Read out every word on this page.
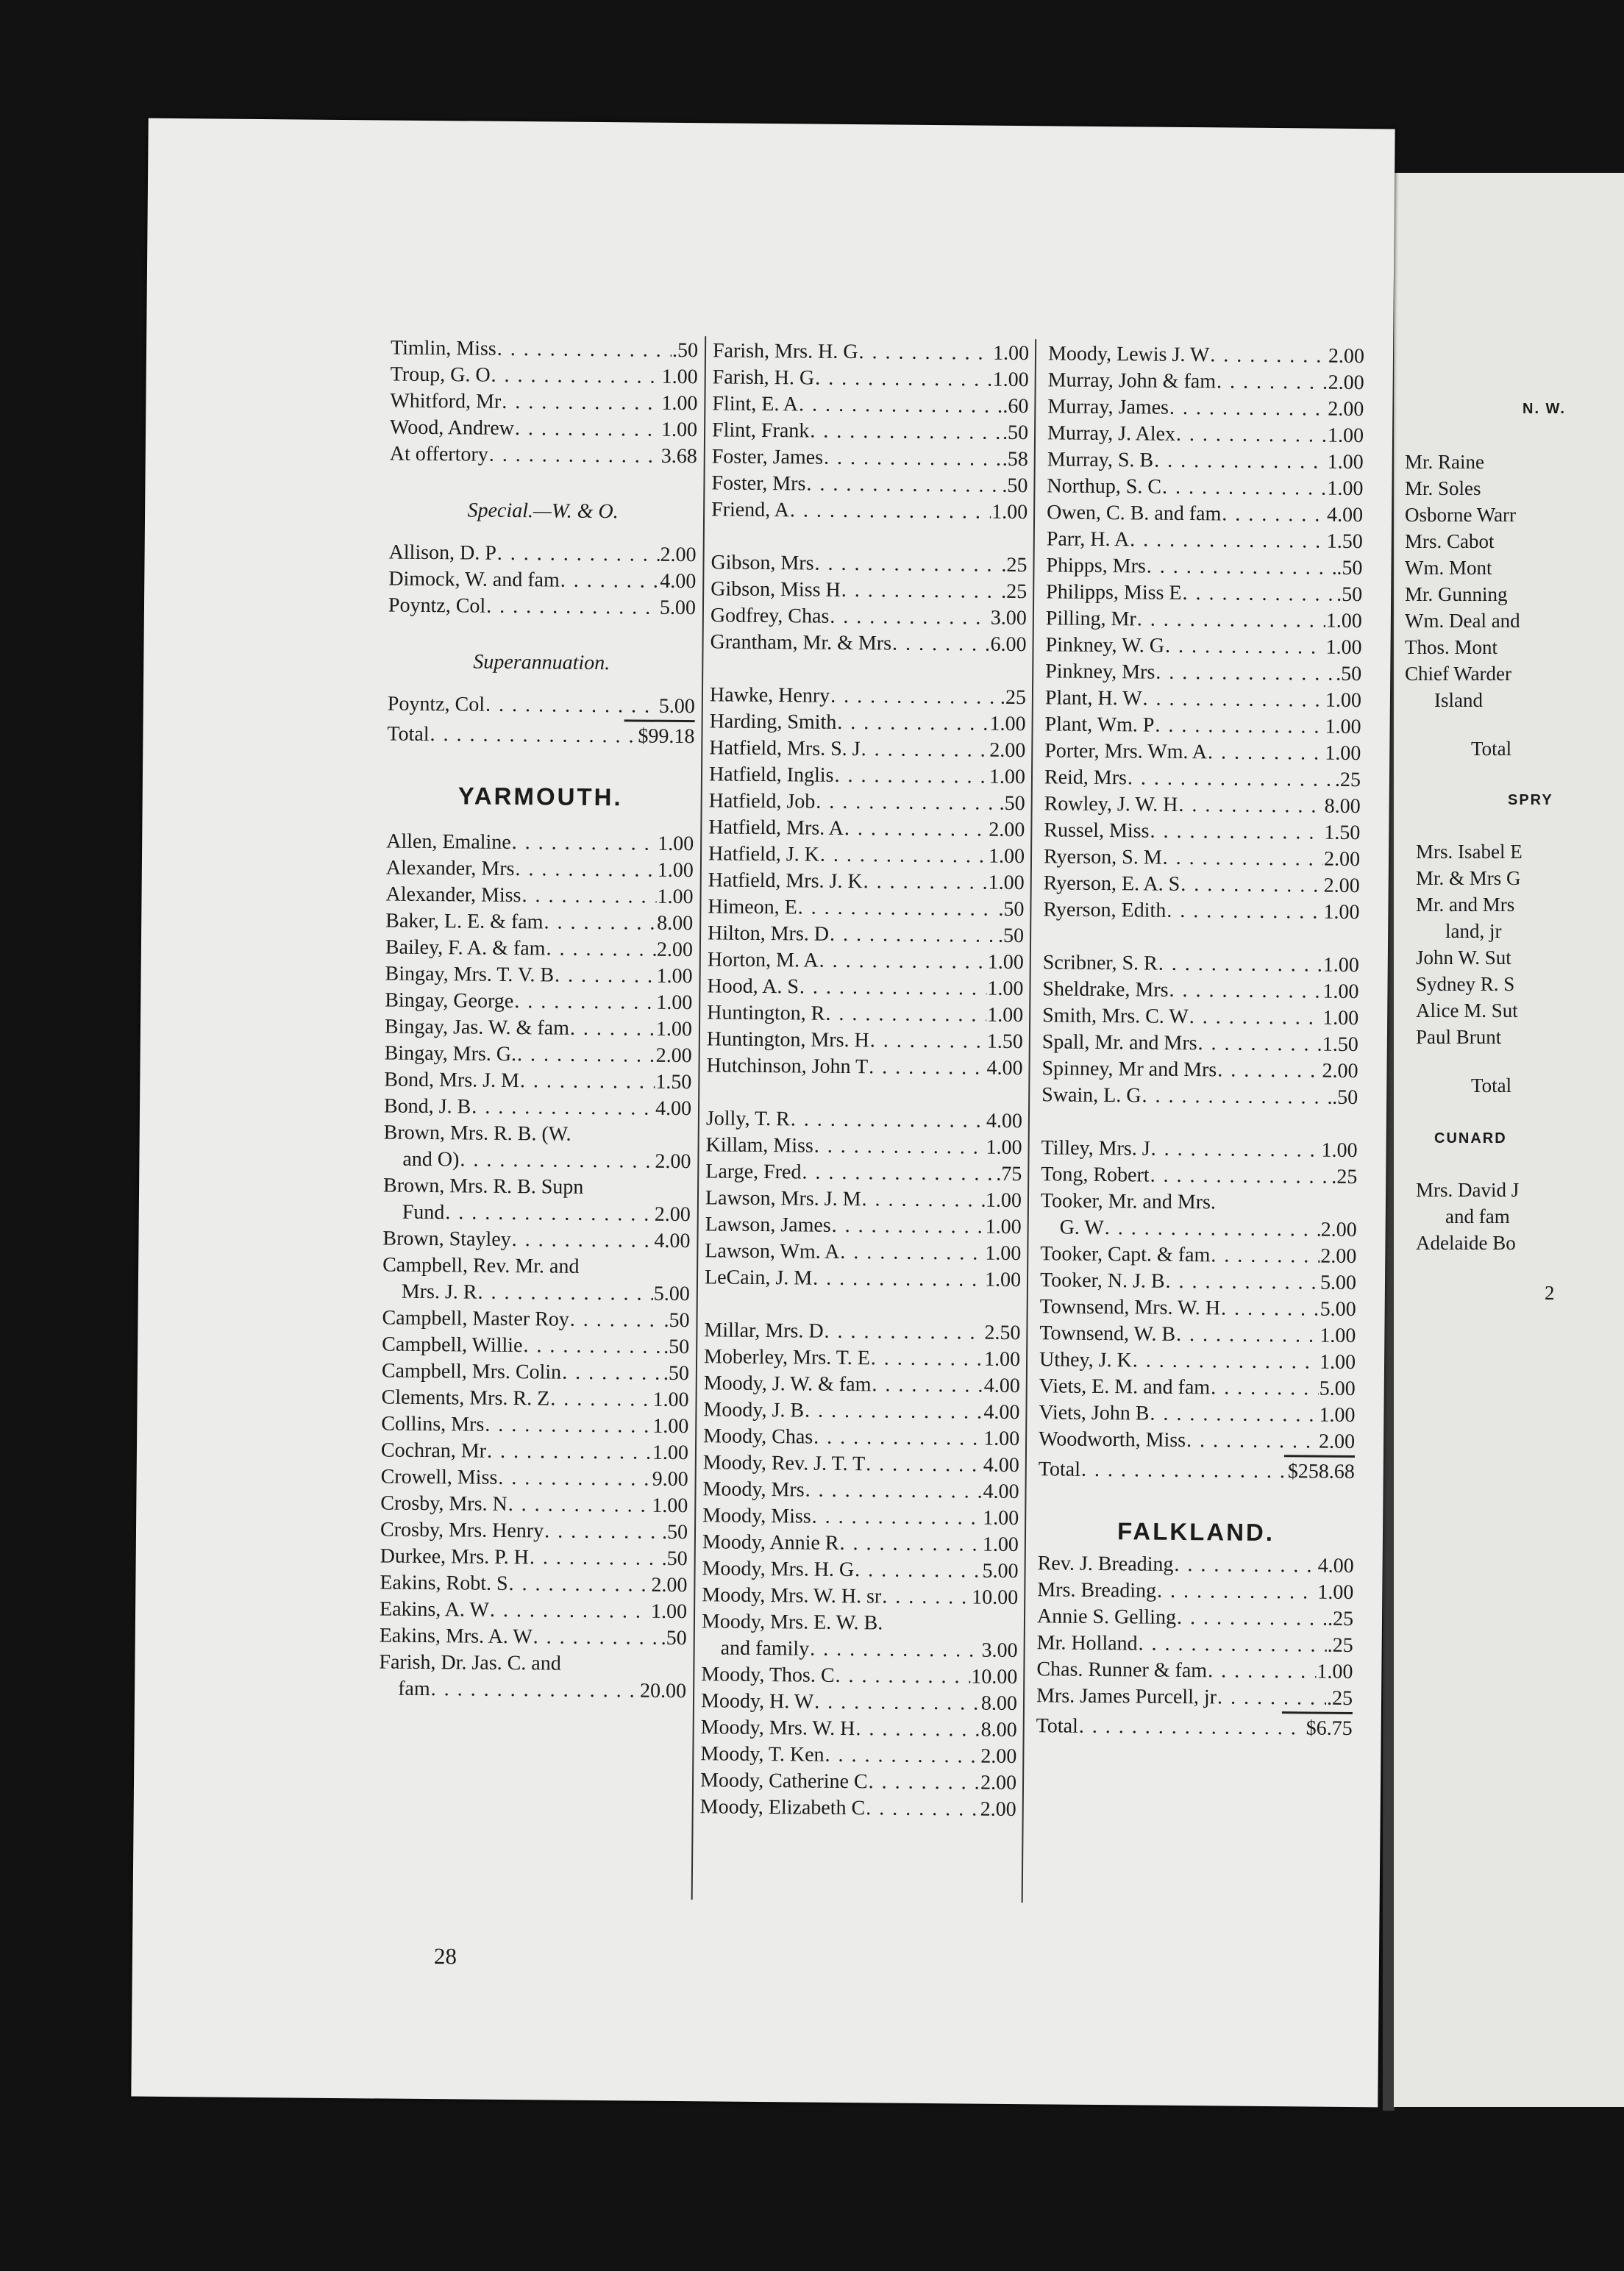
N. W.
Mr. Raine
Mr. Soles
Osborne Warr
Mrs. Cabot
Wm. Mont
Mr. Gunning
Wm. Deal and
Thos. Mont
Chief Warder
Island
Total
SPRY
Mrs. Isabel E
Mr. & Mrs G
Mr. and Mrs
land, jr
John W. Sut
Sydney R. S
Alice M. Sut
Paul Brunt
Total
CUNARD
Mrs. David J
and fam
Adelaide Bo
2
Timlin, Miss . . .	.50
Troup, G. O . . .	1.00
Whitford, Mr . . .	1.00
Wood, Andrew . . .	1.00
At offertory . . .	3.68
Special.—W. & O.
Allison, D. P . . .	2.00
Dimock, W. and fam . . .	4.00
Poyntz, Col . . .	5.00
Superannuation.
Poyntz, Col . . .	5.00
Total . . .	$99.18
YARMOUTH.
Allen, Emaline . . .	1.00
Alexander, Mrs . . .	1.00
Alexander, Miss . . .	1.00
Baker, L. E. & fam . . .	8.00
Bailey, F. A. & fam . . .	2.00
Bingay, Mrs. T. V. B . . .	1.00
Bingay, George . . .	1.00
Bingay, Jas. W. & fam . . .	1.00
Bingay, Mrs. G. . . .	2.00
Bond, Mrs. J. M . . .	1.50
Bond, J. B . . .	4.00
Brown, Mrs. R. B. (W.
and O) . . .	2.00
Brown, Mrs. R. B. Supn
Fund . . .	2.00
Brown, Stayley . . .	4.00
Campbell, Rev. Mr. and
Mrs. J. R . . .	5.00
Campbell, Master Roy . . .	.50
Campbell, Willie . . .	.50
Campbell, Mrs. Colin . . .	.50
Clements, Mrs. R. Z . . .	1.00
Collins, Mrs . . .	1.00
Cochran, Mr . . .	1.00
Crowell, Miss . . .	9.00
Crosby, Mrs. N . . .	1.00
Crosby, Mrs. Henry . . .	.50
Durkee, Mrs. P. H . . .	.50
Eakins, Robt. S . . .	2.00
Eakins, A. W . . .	1.00
Eakins, Mrs. A. W . . .	.50
Farish, Dr. Jas. C. and
fam . . .	20.00
Farish, Mrs. H. G . . .	1.00
Farish, H. G . . .	1.00
Flint, E. A . . .	.60
Flint, Frank . . .	.50
Foster, James . . .	.58
Foster, Mrs . . .	.50
Friend, A . . .	1.00
Gibson, Mrs . . .	.25
Gibson, Miss H . . .	.25
Godfrey, Chas . . .	3.00
Grantham, Mr. & Mrs . . .	6.00
Hawke, Henry . . .	.25
Harding, Smith . . .	1.00
Hatfield, Mrs. S. J . . .	2.00
Hatfield, Inglis . . .	1.00
Hatfield, Job . . .	.50
Hatfield, Mrs. A . . .	2.00
Hatfield, J. K . . .	1.00
Hatfield, Mrs. J. K . . .	1.00
Himeon, E . . .	.50
Hilton, Mrs. D . . .	.50
Horton, M. A . . .	1.00
Hood, A. S . . .	1.00
Huntington, R . . .	1.00
Huntington, Mrs. H . . .	1.50
Hutchinson, John T . . .	4.00
Jolly, T. R . . .	4.00
Killam, Miss . . .	1.00
Large, Fred . . .	.75
Lawson, Mrs. J. M . . .	1.00
Lawson, James . . .	1.00
Lawson, Wm. A . . .	1.00
LeCain, J. M . . .	1.00
Millar, Mrs. D . . .	2.50
Moberley, Mrs. T. E . . .	1.00
Moody, J. W. & fam . . .	4.00
Moody, J. B . . .	4.00
Moody, Chas . . .	1.00
Moody, Rev. J. T. T . . .	4.00
Moody, Mrs . . .	4.00
Moody, Miss . . .	1.00
Moody, Annie R . . .	1.00
Moody, Mrs. H. G . . .	5.00
Moody, Mrs. W. H. sr . . .	10.00
Moody, Mrs. E. W. B.
and family . . .	3.00
Moody, Thos. C . . .	10.00
Moody, H. W . . .	8.00
Moody, Mrs. W. H . . .	8.00
Moody, T. Ken . . .	2.00
Moody, Catherine C . . .	2.00
Moody, Elizabeth C . . .	2.00
Moody, Lewis J. W . . .	2.00
Murray, John & fam . . .	2.00
Murray, James . . .	2.00
Murray, J. Alex . . .	1.00
Murray, S. B . . .	1.00
Northup, S. C . . .	1.00
Owen, C. B. and fam . . .	4.00
Parr, H. A . . .	1.50
Phipps, Mrs . . .	.50
Philipps, Miss E . . .	.50
Pilling, Mr . . .	1.00
Pinkney, W. G . . .	1.00
Pinkney, Mrs . . .	.50
Plant, H. W . . .	1.00
Plant, Wm. P . . .	1.00
Porter, Mrs. Wm. A . . .	1.00
Reid, Mrs . . .	.25
Rowley, J. W. H . . .	8.00
Russel, Miss . . .	1.50
Ryerson, S. M . . .	2.00
Ryerson, E. A. S . . .	2.00
Ryerson, Edith . . .	1.00
Scribner, S. R . . .	1.00
Sheldrake, Mrs . . .	1.00
Smith, Mrs. C. W . . .	1.00
Spall, Mr. and Mrs . . .	1.50
Spinney, Mr and Mrs . . .	2.00
Swain, L. G . . .	.50
Tilley, Mrs. J . . .	1.00
Tong, Robert . . .	.25
Tooker, Mr. and Mrs.
G. W . . .	2.00
Tooker, Capt. & fam . . .	2.00
Tooker, N. J. B . . .	5.00
Townsend, Mrs. W. H . . .	5.00
Townsend, W. B . . .	1.00
Uthey, J. K . . .	1.00
Viets, E. M. and fam . . .	5.00
Viets, John B . . .	1.00
Woodworth, Miss . . .	2.00
Total . . .	$258.68
FALKLAND.
Rev. J. Breading . . .	4.00
Mrs. Breading . . .	1.00
Annie S. Gelling . . .	.25
Mr. Holland . . .	.25
Chas. Runner & fam . . .	1.00
Mrs. James Purcell, jr . . .	.25
Total . . .	$6.75
28
